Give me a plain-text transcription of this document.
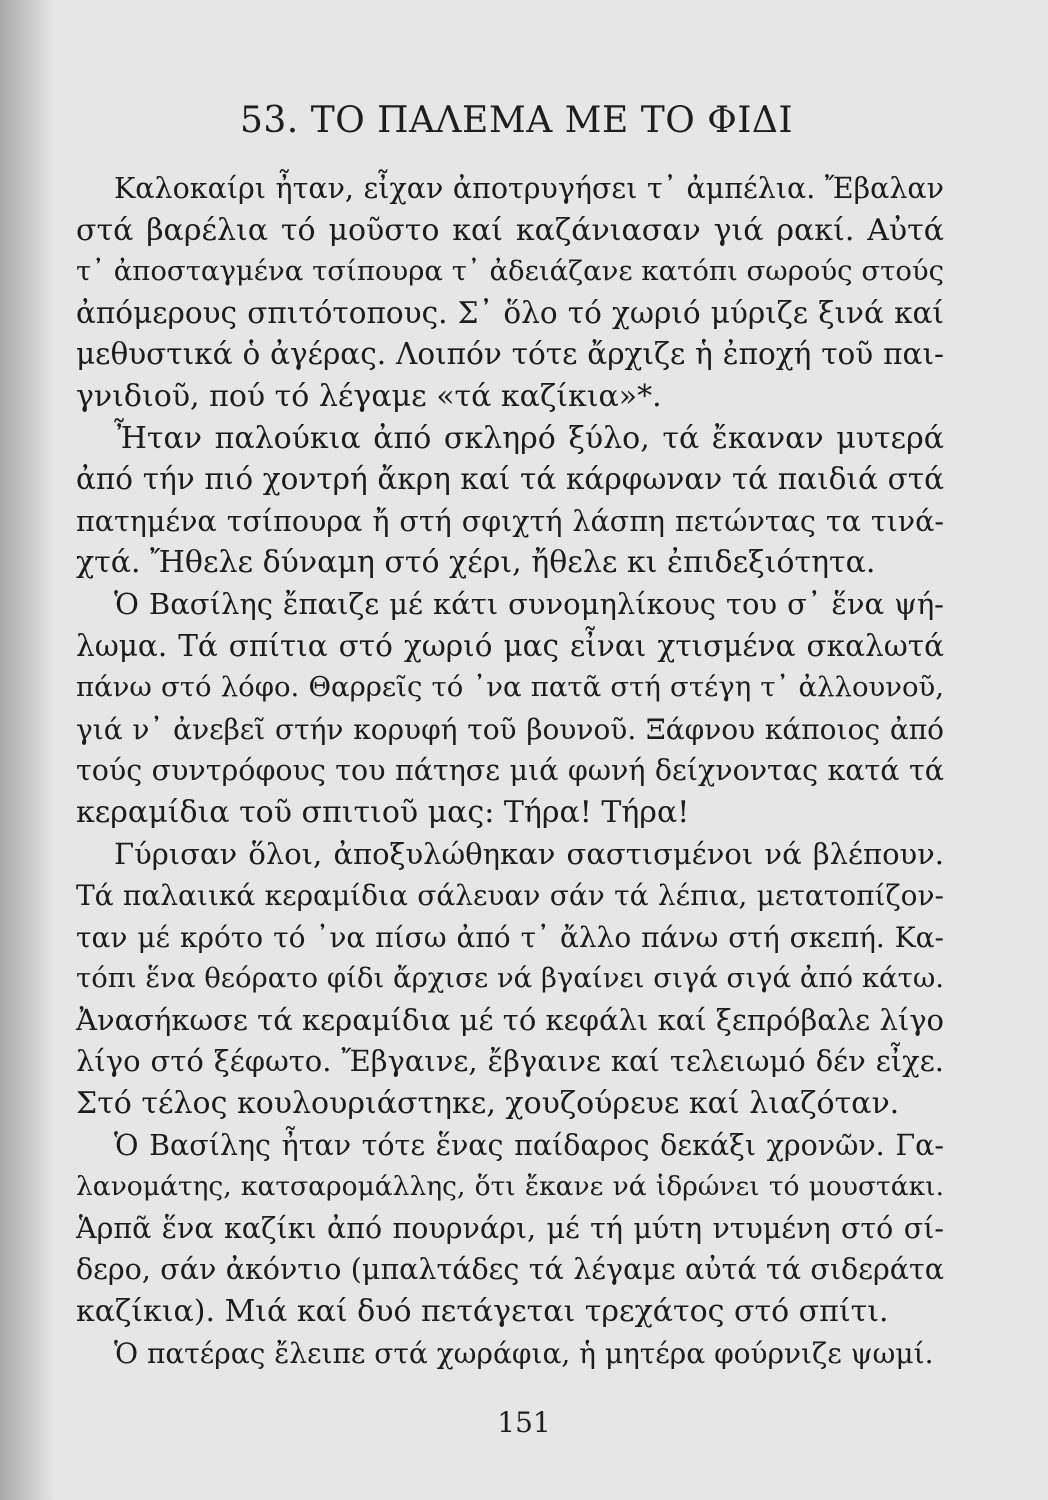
53. ΤΟ ΠΑΛΕΜΑ ΜΕ ΤΟ ΦΙΔΙ
Καλοκαίρι ἦταν, εἶχαν ἀποτρυγήσει τ᾽ ἀμπέλια. Ἔβαλαν
στά βαρέλια τό μοῦστο καί καζάνιασαν γιά ρακί. Αὐτά
τ᾽ ἀποσταγμένα τσίπουρα τ᾽ ἀδειάζανε κατόπι σωρούς στούς
ἀπόμερους σπιτότοπους. Σ᾽ ὅλο τό χωριό μύριζε ξινά καί
μεθυστικά ὁ ἀγέρας. Λοιπόν τότε ἄρχιζε ἡ ἐποχή τοῦ παι-
γνιδιοῦ, πού τό λέγαμε «τά καζίκια»*.
Ἦταν παλούκια ἀπό σκληρό ξύλο, τά ἔκαναν μυτερά
ἀπό τήν πιό χοντρή ἄκρη καί τά κάρφωναν τά παιδιά στά
πατημένα τσίπουρα ἤ στή σφιχτή λάσπη πετώντας τα τινά-
χτά. Ἤθελε δύναμη στό χέρι, ἤθελε κι ἐπιδεξιότητα.
Ὁ Βασίλης ἔπαιζε μέ κάτι συνομηλίκους του σ᾽ ἕνα ψή-
λωμα. Τά σπίτια στό χωριό μας εἶναι χτισμένα σκαλωτά
πάνω στό λόφο. Θαρρεῖς τό ᾽να πατᾶ στή στέγη τ᾽ ἀλλουνοῦ,
γιά ν᾽ ἀνεβεῖ στήν κορυφή τοῦ βουνοῦ. Ξάφνου κάποιος ἀπό
τούς συντρόφους του πάτησε μιά φωνή δείχνοντας κατά τά
κεραμίδια τοῦ σπιτιοῦ μας: Τήρα! Τήρα!
Γύρισαν ὅλοι, ἀποξυλώθηκαν σαστισμένοι νά βλέπουν.
Τά παλαιικά κεραμίδια σάλευαν σάν τά λέπια, μετατοπίζον-
ταν μέ κρότο τό ᾽να πίσω ἀπό τ᾽ ἄλλο πάνω στή σκεπή. Κα-
τόπι ἕνα θεόρατο φίδι ἄρχισε νά βγαίνει σιγά σιγά ἀπό κάτω.
Ἀνασήκωσε τά κεραμίδια μέ τό κεφάλι καί ξεπρόβαλε λίγο
λίγο στό ξέφωτο. Ἔβγαινε, ἔβγαινε καί τελειωμό δέν εἶχε.
Στό τέλος κουλουριάστηκε, χουζούρευε καί λιαζόταν.
Ὁ Βασίλης ἦταν τότε ἕνας παίδαρος δεκάξι χρονῶν. Γα-
λανομάτης, κατσαρομάλλης, ὅτι ἔκανε νά ἱδρώνει τό μουστάκι.
Ἁρπᾶ ἕνα καζίκι ἀπό πουρνάρι, μέ τή μύτη ντυμένη στό σί-
δερο, σάν ἀκόντιο (μπαλτάδες τά λέγαμε αὐτά τά σιδεράτα
καζίκια). Μιά καί δυό πετάγεται τρεχάτος στό σπίτι.
Ὁ πατέρας ἔλειπε στά χωράφια, ἡ μητέρα φούρνιζε ψωμί.
151
